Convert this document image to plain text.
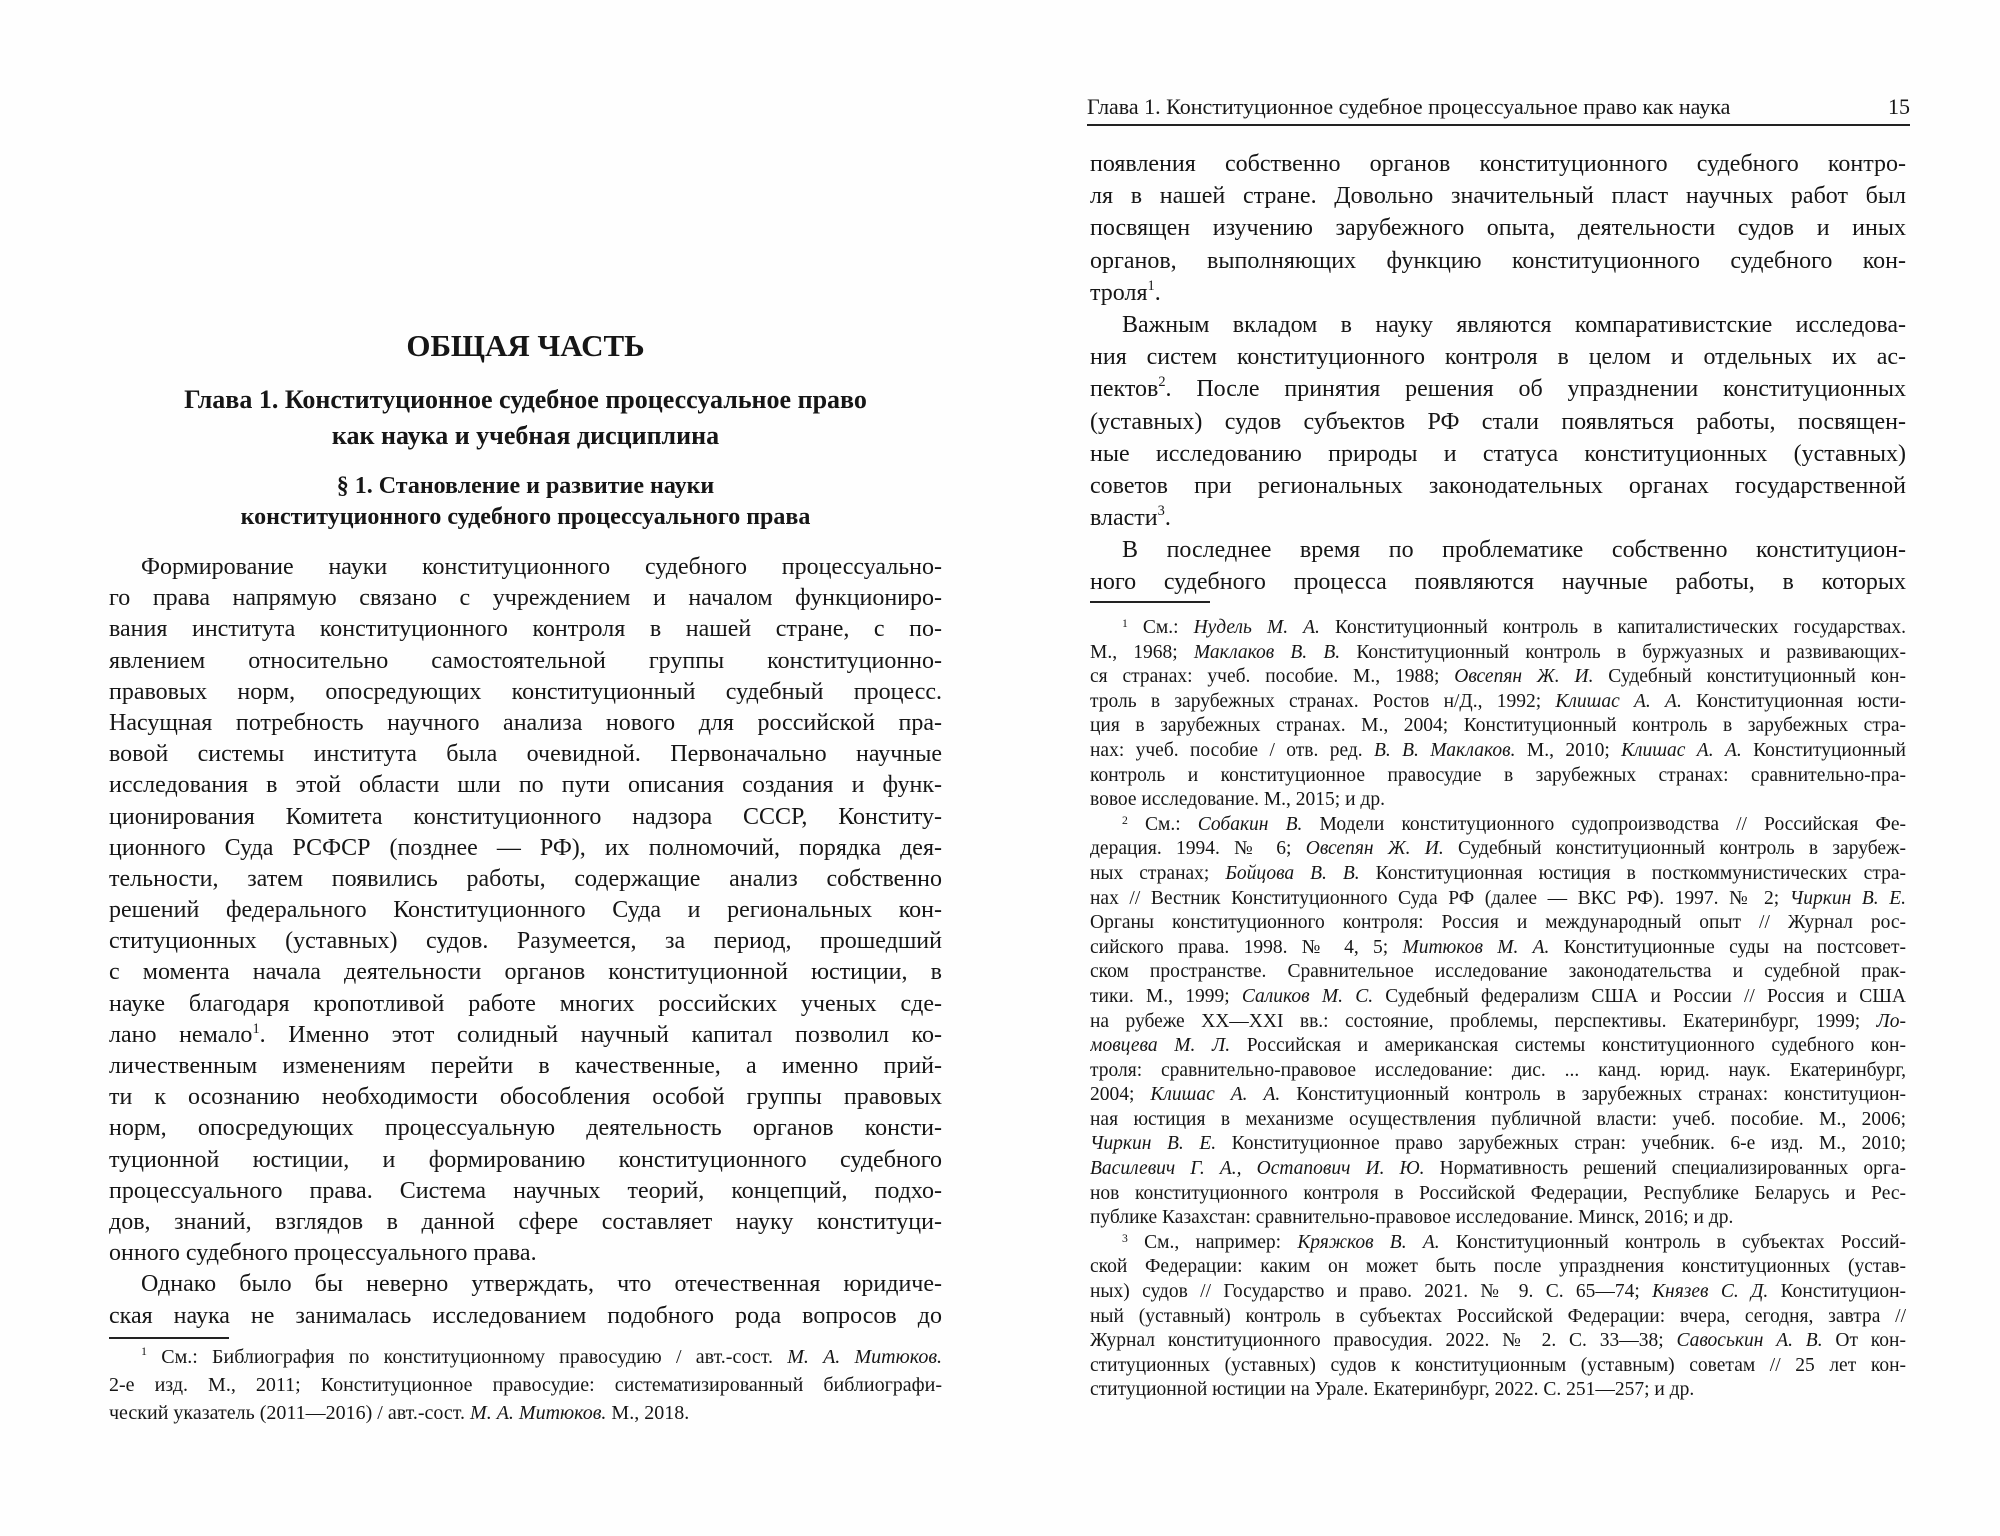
ОБЩАЯ ЧАСТЬ
Глава 1. Конституционное судебное процессуальное право
как наука и учебная дисциплина
§ 1. Становление и развитие науки
конституционного судебного процессуального права
Формирование науки конституционного судебного процессуально-
го права напрямую связано с учреждением и началом функциониро-
вания института конституционного контроля в нашей стране, с по-
явлением относительно самостоятельной группы конституционно-
правовых норм, опосредующих конституционный судебный процесс.
Насущная потребность научного анализа нового для российской пра-
вовой системы института была очевидной. Первоначально научные
исследования в этой области шли по пути описания создания и функ-
ционирования Комитета конституционного надзора СССР, Конститу-
ционного Суда РСФСР (позднее — РФ), их полномочий, порядка дея-
тельности, затем появились работы, содержащие анализ собственно
решений федерального Конституционного Суда и региональных кон-
ституционных (уставных) судов. Разумеется, за период, прошедший
с момента начала деятельности органов конституционной юстиции, в
науке благодаря кропотливой работе многих российских ученых сде-
лано немало$^1$. Именно этот солидный научный капитал позволил ко-
личественным изменениям перейти в качественные, а именно прий-
ти к осознанию необходимости обособления особой группы правовых
норм, опосредующих процессуальную деятельность органов консти-
туционной юстиции, и формированию конституционного судебного
процессуального права. Система научных теорий, концепций, подхо-
дов, знаний, взглядов в данной сфере составляет науку конституци-
онного судебного процессуального права.
Однако было бы неверно утверждать, что отечественная юридиче-
ская наука не занималась исследованием подобного рода вопросов до
$^1$ См.: Библиография по конституционному правосудию / авт.-сост. М. А. Митюков.
2-е изд. М., 2011; Конституционное правосудие: систематизированный библиографи-
ческий указатель (2011—2016) / авт.-сост. М. А. Митюков. М., 2018.
Глава 1. Конституционное судебное процессуальное право как наука	15
появления собственно органов конституционного судебного контро-
ля в нашей стране. Довольно значительный пласт научных работ был
посвящен изучению зарубежного опыта, деятельности судов и иных
органов, выполняющих функцию конституционного судебного кон-
троля$^1$.
Важным вкладом в науку являются компаративистские исследова-
ния систем конституционного контроля в целом и отдельных их ас-
пектов$^2$. После принятия решения об упразднении конституционных
(уставных) судов субъектов РФ стали появляться работы, посвящен-
ные исследованию природы и статуса конституционных (уставных)
советов при региональных законодательных органах государственной
власти$^3$.
В последнее время по проблематике собственно конституцион-
ного судебного процесса появляются научные работы, в которых
$^1$ См.: Нудель М. А. Конституционный контроль в капиталистических государствах.
М., 1968; Маклаков В. В. Конституционный контроль в буржуазных и развивающих-
ся странах: учеб. пособие. М., 1988; Овсепян Ж. И. Судебный конституционный кон-
троль в зарубежных странах. Ростов н/Д., 1992; Клишас А. А. Конституционная юсти-
ция в зарубежных странах. М., 2004; Конституционный контроль в зарубежных стра-
нах: учеб. пособие / отв. ред. В. В. Маклаков. М., 2010; Клишас А. А. Конституционный
контроль и конституционное правосудие в зарубежных странах: сравнительно-пра-
вовое исследование. М., 2015; и др.
$^2$ См.: Собакин В. Модели конституционного судопроизводства // Российская Фе-
дерация. 1994. № 6; Овсепян Ж. И. Судебный конституционный контроль в зарубеж-
ных странах; Бойцова В. В. Конституционная юстиция в посткоммунистических стра-
нах // Вестник Конституционного Суда РФ (далее — ВКС РФ). 1997. № 2; Чиркин В. Е.
Органы конституционного контроля: Россия и международный опыт // Журнал рос-
сийского права. 1998. № 4, 5; Митюков М. А. Конституционные суды на постсовет-
ском пространстве. Сравнительное исследование законодательства и судебной прак-
тики. М., 1999; Саликов М. С. Судебный федерализм США и России // Россия и США
на рубеже XX—XXI вв.: состояние, проблемы, перспективы. Екатеринбург, 1999; Ло-
мовцева М. Л. Российская и американская системы конституционного судебного кон-
троля: сравнительно-правовое исследование: дис. ... канд. юрид. наук. Екатеринбург,
2004; Клишас А. А. Конституционный контроль в зарубежных странах: конституцион-
ная юстиция в механизме осуществления публичной власти: учеб. пособие. М., 2006;
Чиркин В. Е. Конституционное право зарубежных стран: учебник. 6-е изд. М., 2010;
Василевич Г. А., Остапович И. Ю. Нормативность решений специализированных орга-
нов конституционного контроля в Российской Федерации, Республике Беларусь и Рес-
публике Казахстан: сравнительно-правовое исследование. Минск, 2016; и др.
$^3$ См., например: Кряжков В. А. Конституционный контроль в субъектах Россий-
ской Федерации: каким он может быть после упразднения конституционных (устав-
ных) судов // Государство и право. 2021. № 9. С. 65—74; Князев С. Д. Конституцион-
ный (уставный) контроль в субъектах Российской Федерации: вчера, сегодня, завтра //
Журнал конституционного правосудия. 2022. № 2. С. 33—38; Савоськин А. В. От кон-
ституционных (уставных) судов к конституционным (уставным) советам // 25 лет кон-
ституционной юстиции на Урале. Екатеринбург, 2022. С. 251—257; и др.
